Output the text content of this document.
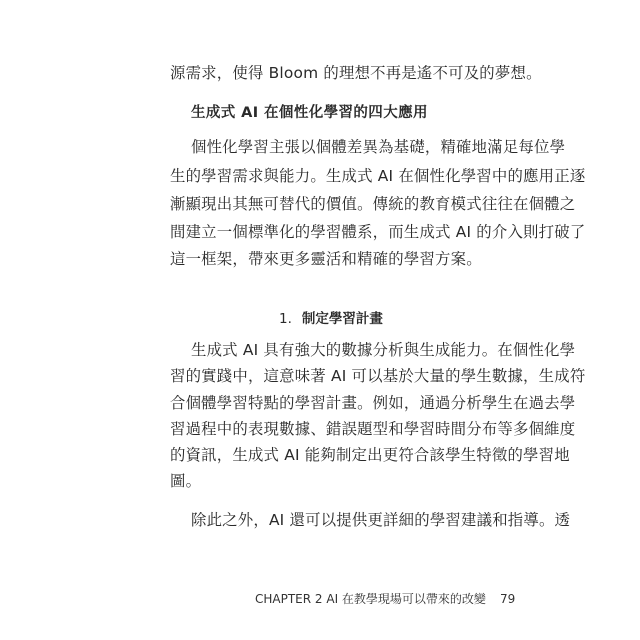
源需求，使得 Bloom 的理想不再是遙不可及的夢想。
生成式 AI 在個性化學習的四大應用
個性化學習主張以個體差異為基礎，精確地滿足每位學
生的學習需求與能力。生成式 AI 在個性化學習中的應用正逐
漸顯現出其無可替代的價值。傳統的教育模式往往在個體之
間建立一個標準化的學習體系，而生成式 AI 的介入則打破了
這一框架，帶來更多靈活和精確的學習方案。
1. 制定學習計畫
生成式 AI 具有強大的數據分析與生成能力。在個性化學
習的實踐中，這意味著 AI 可以基於大量的學生數據，生成符
合個體學習特點的學習計畫。例如，通過分析學生在過去學
習過程中的表現數據、錯誤題型和學習時間分布等多個維度
的資訊，生成式 AI 能夠制定出更符合該學生特徵的學習地
圖。
除此之外，AI 還可以提供更詳細的學習建議和指導。透
CHAPTER 2 AI 在教學現場可以帶來的改變 79
